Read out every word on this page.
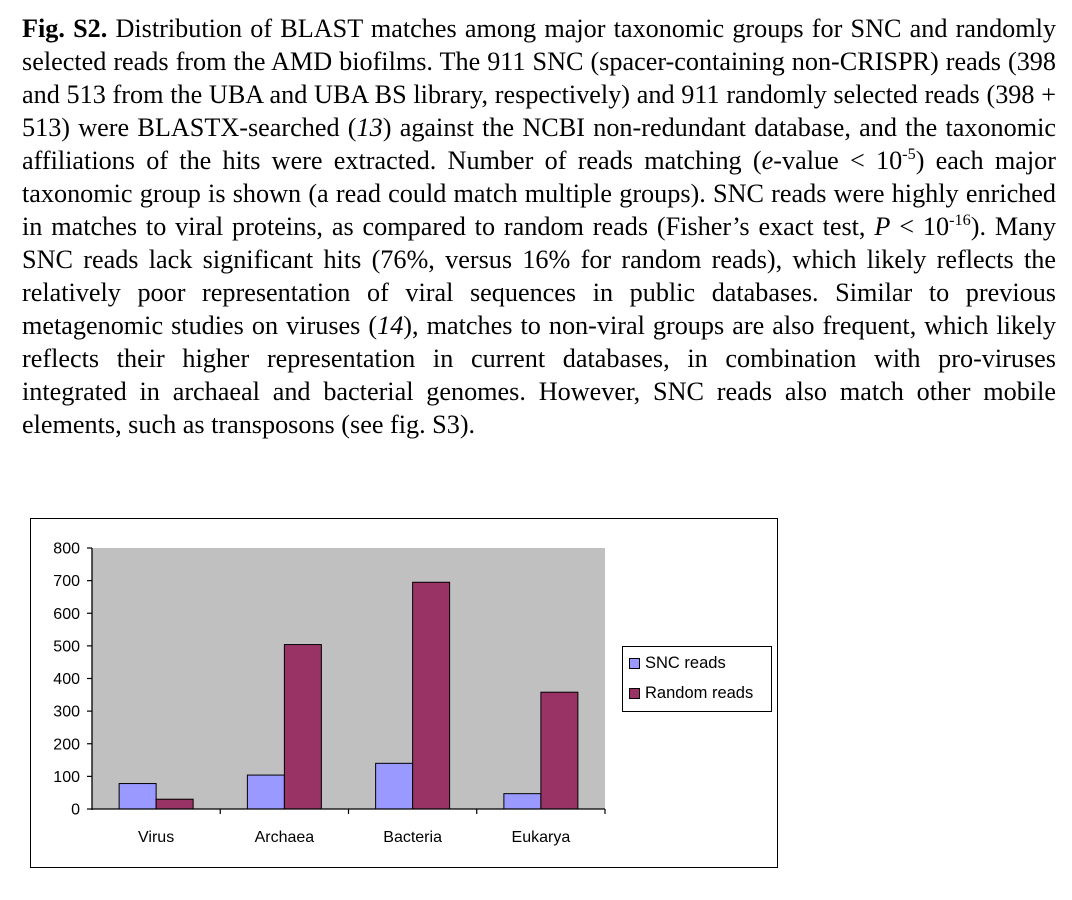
Fig. S2. Distribution of BLAST matches among major taxonomic groups for SNC and randomly selected reads from the AMD biofilms. The 911 SNC (spacer-containing non-CRISPR) reads (398 and 513 from the UBA and UBA BS library, respectively) and 911 randomly selected reads (398 + 513) were BLASTX-searched (13) against the NCBI non-redundant database, and the taxonomic affiliations of the hits were extracted. Number of reads matching (e-value < $10^{-5}$) each major taxonomic group is shown (a read could match multiple groups). SNC reads were highly enriched in matches to viral proteins, as compared to random reads (Fisher’s exact test, $P < 10^{-16}$). Many SNC reads lack significant hits (76%, versus 16% for random reads), which likely reflects the relatively poor representation of viral sequences in public databases. Similar to previous metagenomic studies on viruses (14), matches to non-viral groups are also frequent, which likely reflects their higher representation in current databases, in combination with pro-viruses integrated in archaeal and bacterial genomes. However, SNC reads also match other mobile elements, such as transposons (see fig. S3).

0
100
200
300
400
500
600
700
800
Virus	Archaea	Bacteria	Eukarya
SNC reads
Random reads
